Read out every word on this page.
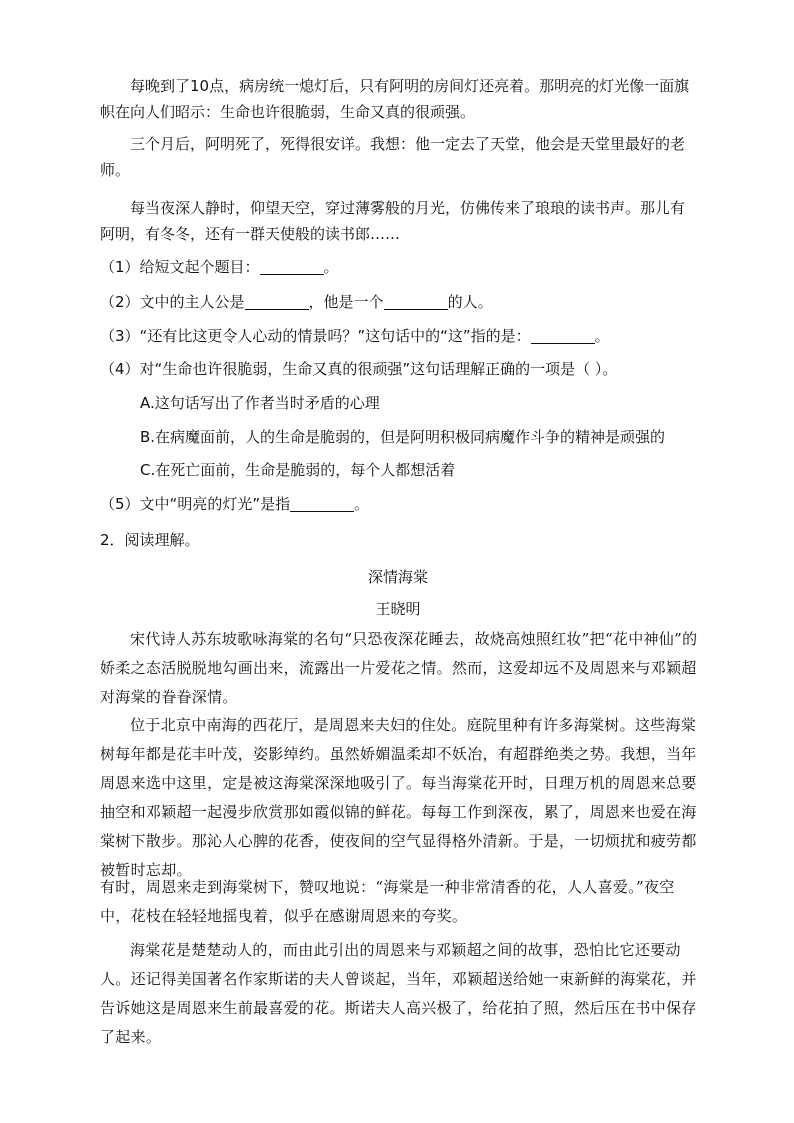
每晚到了10点，病房统一熄灯后，只有阿明的房间灯还亮着。那明亮的灯光像一面旗帜在向人们昭示：生命也许很脆弱，生命又真的很顽强。

三个月后，阿明死了，死得很安详。我想：他一定去了天堂，他会是天堂里最好的老师。

每当夜深人静时，仰望天空，穿过薄雾般的月光，仿佛传来了琅琅的读书声。那儿有阿明，有冬冬，还有一群天使般的读书郎……

（1）给短文起个题目：	。
（2）文中的主人公是	，他是一个	的人。
（3）“还有比这更令人心动的情景吗？”这句话中的“这”指的是：	。
（4）对“生命也许很脆弱，生命又真的很顽强”这句话理解正确的一项是（ ）。
A.这句话写出了作者当时矛盾的心理
B.在病魔面前，人的生命是脆弱的，但是阿明积极同病魔作斗争的精神是顽强的
C.在死亡面前，生命是脆弱的，每个人都想活着
（5）文中“明亮的灯光”是指	。
2．阅读理解。
深情海棠
王晓明

宋代诗人苏东坡歌咏海棠的名句“只恐夜深花睡去，故烧高烛照红妆”把“花中神仙”的娇柔之态活脱脱地勾画出来，流露出一片爱花之情。然而，这爱却远不及周恩来与邓颖超对海棠的眷眷深情。

位于北京中南海的西花厅，是周恩来夫妇的住处。庭院里种有许多海棠树。这些海棠树每年都是花丰叶茂，姿影绰约。虽然娇媚温柔却不妖冶，有超群绝类之势。我想，当年周恩来选中这里，定是被这海棠深深地吸引了。每当海棠花开时，日理万机的周恩来总要抽空和邓颖超一起漫步欣赏那如霞似锦的鲜花。每每工作到深夜，累了，周恩来也爱在海棠树下散步。那沁人心脾的花香，使夜间的空气显得格外清新。于是，一切烦扰和疲劳都被暂时忘却。

有时，周恩来走到海棠树下，赞叹地说：“海棠是一种非常清香的花，人人喜爱。”夜空中，花枝在轻轻地摇曳着，似乎在感谢周恩来的夸奖。

海棠花是楚楚动人的，而由此引出的周恩来与邓颖超之间的故事，恐怕比它还要动人。还记得美国著名作家斯诺的夫人曾谈起，当年，邓颖超送给她一束新鲜的海棠花，并告诉她这是周恩来生前最喜爱的花。斯诺夫人高兴极了，给花拍了照，然后压在书中保存了起来。
